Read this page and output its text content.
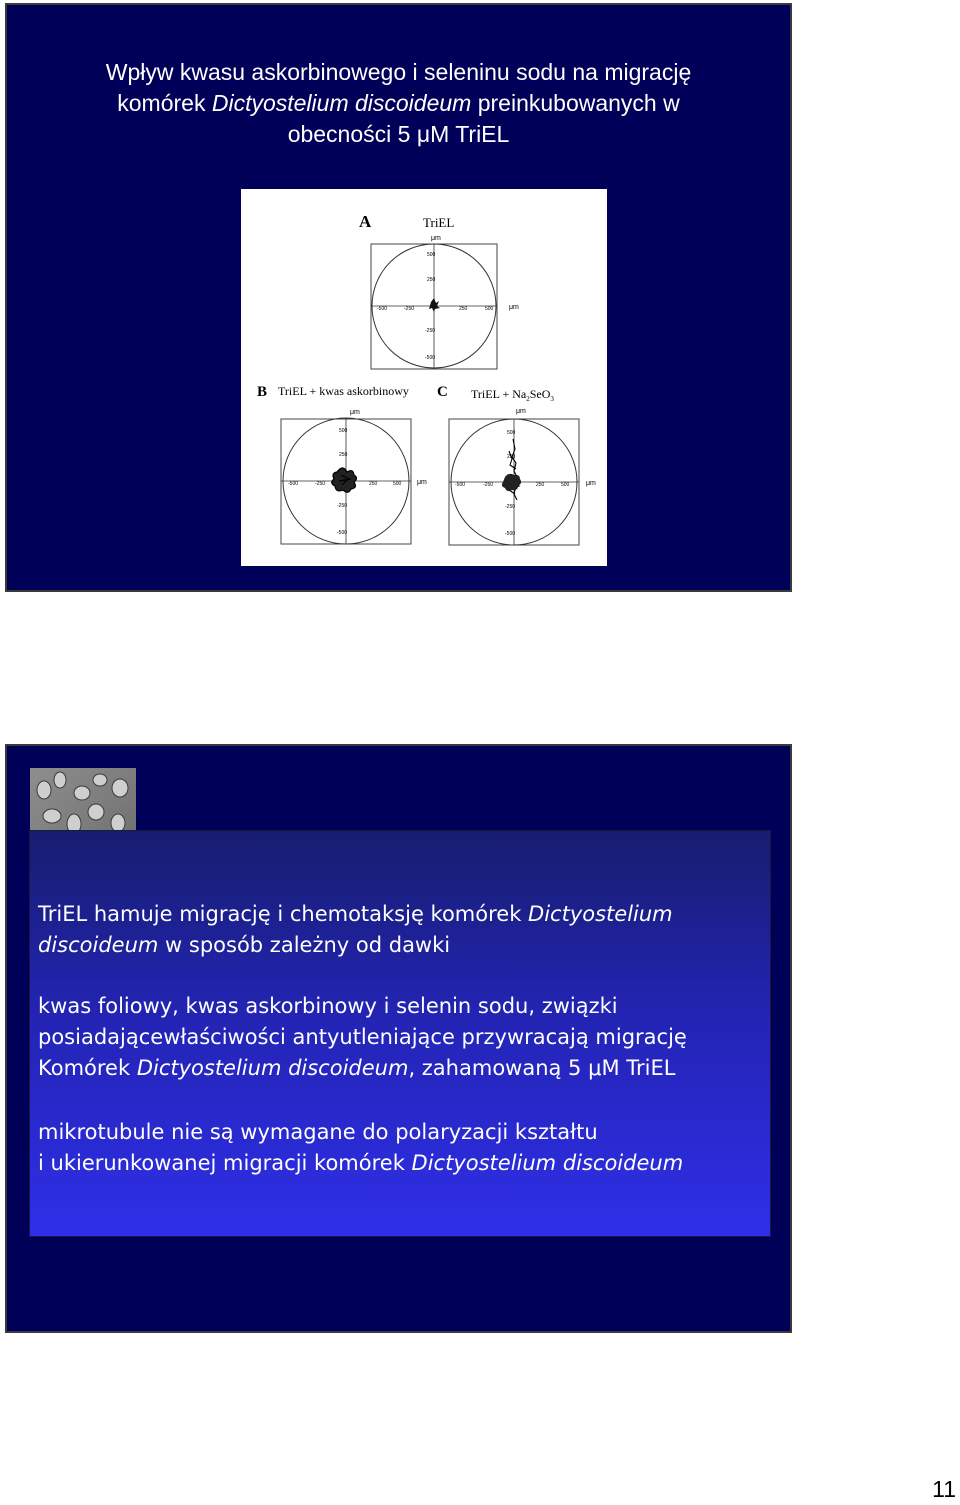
Wpływ kwasu askorbinowego i seleninu sodu na migrację
komórek Dictyostelium discoideum preinkubowanych w
obecności 5 μM TriEL
A	TriEL
μm
500
250
-250
-500
-500	-250	250	500 μm
B TriEL + kwas askorbinowy
μm
500
250
-250
-500
-500	-250	250	500 μm
C TriEL + $Na_2SeO_3$
μm
500
250
-250
-500
-500	-250	250	500 μm
TriEL hamuje migrację i chemotaksję komórek Dictyostelium
discoideum w sposób zależny od dawki
kwas foliowy, kwas askorbinowy i selenin sodu, związki
posiadającewłaściwości antyutleniające przywracają migrację
Komórek Dictyostelium discoideum, zahamowaną 5 μM TriEL
mikrotubule nie są wymagane do polaryzacji kształtu
i ukierunkowanej migracji komórek Dictyostelium discoideum
11
